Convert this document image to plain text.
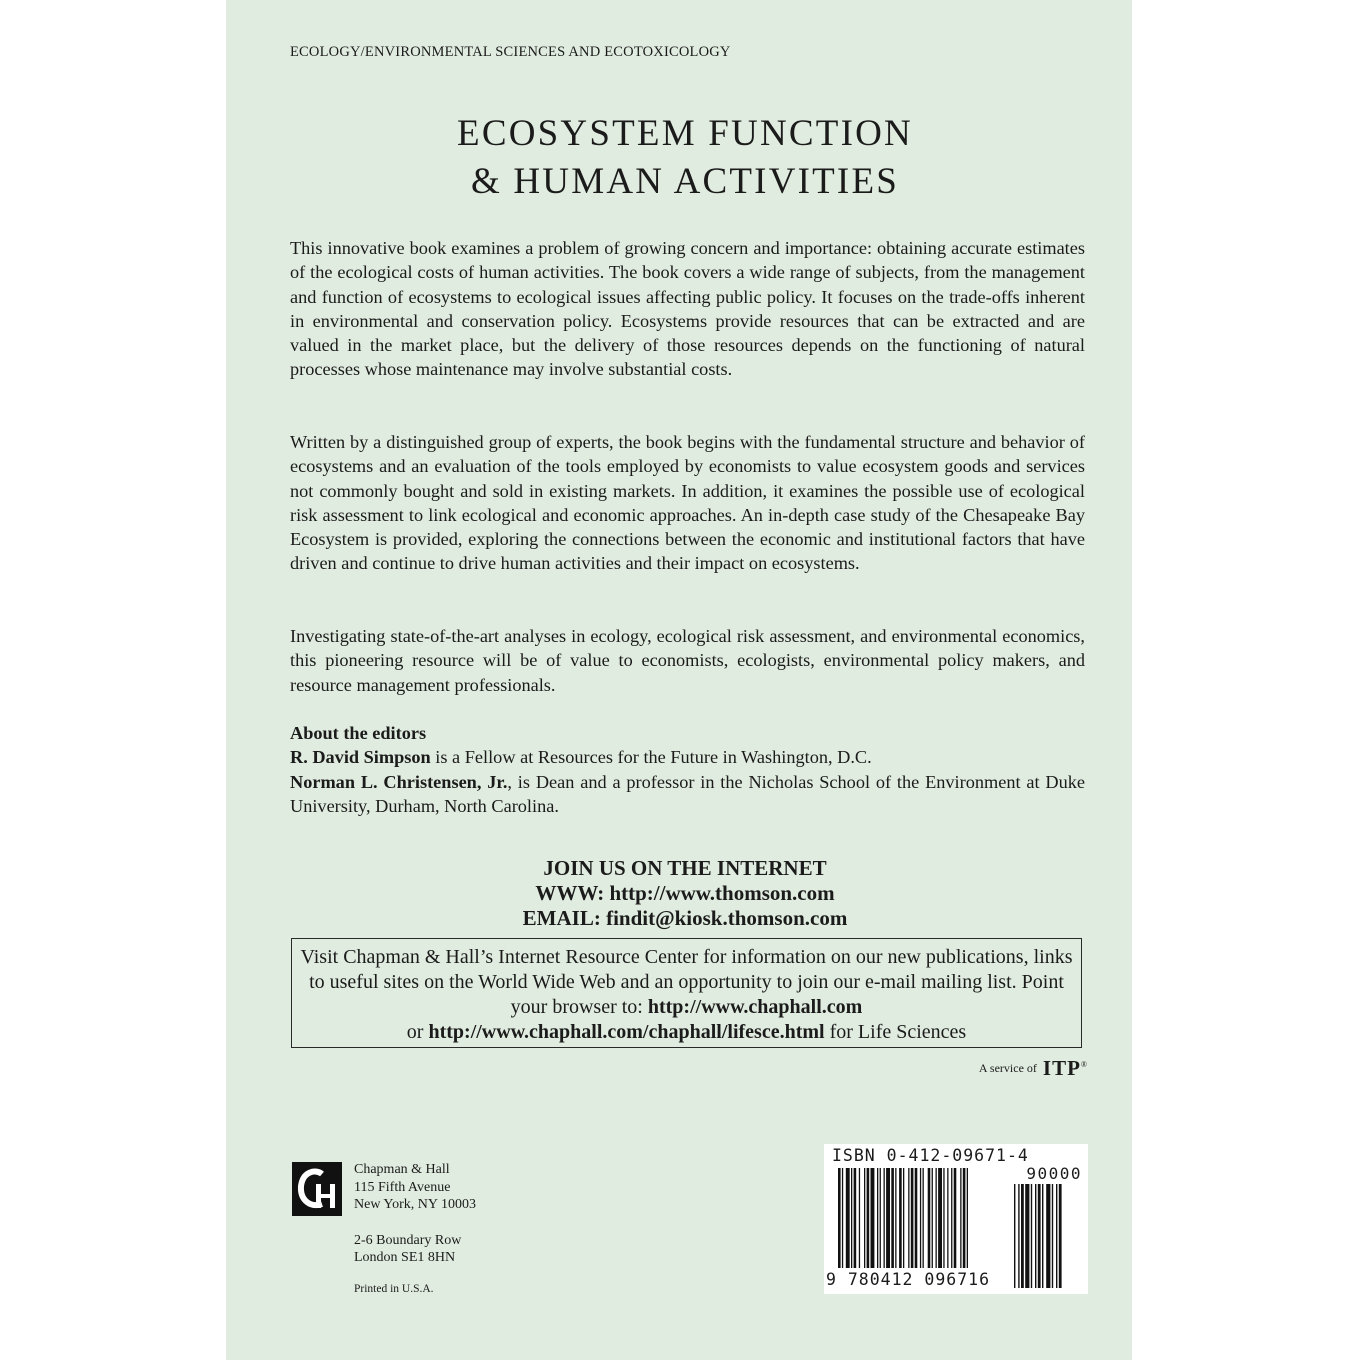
ECOLOGY/ENVIRONMENTAL SCIENCES AND ECOTOXICOLOGY
ECOSYSTEM FUNCTION
& HUMAN ACTIVITIES

This innovative book examines a problem of growing concern and importance: obtaining accurate estimates of the ecological costs of human activities. The book covers a wide range of subjects, from the management and function of ecosystems to ecological issues affecting public policy. It focuses on the trade-offs inherent in environmental and conservation policy. Ecosystems provide resources that can be extracted and are valued in the market place, but the delivery of those resources depends on the functioning of natural processes whose maintenance may involve substantial costs.

Written by a distinguished group of experts, the book begins with the fundamental structure and behavior of ecosystems and an evaluation of the tools employed by economists to value ecosystem goods and services not commonly bought and sold in existing markets. In addition, it examines the possible use of ecological risk assessment to link ecological and economic approaches. An in-depth case study of the Chesapeake Bay Ecosystem is provided, exploring the connections between the economic and institutional factors that have driven and continue to drive human activities and their impact on ecosystems.

Investigating state-of-the-art analyses in ecology, ecological risk assessment, and environmental economics, this pioneering resource will be of value to economists, ecologists, environmental policy makers, and resource management professionals.

About the editors
R. David Simpson is a Fellow at Resources for the Future in Washington, D.C.
Norman L. Christensen, Jr., is Dean and a professor in the Nicholas School of the Environment at Duke University, Durham, North Carolina.
JOIN US ON THE INTERNET
WWW: http://www.thomson.com
EMAIL: findit@kiosk.thomson.com
Visit Chapman & Hall’s Internet Resource Center for information on our new publications, links to useful sites on the World Wide Web and an opportunity to join our e-mail mailing list. Point your browser to: http://www.chaphall.com
or http://www.chaphall.com/chaphall/lifesce.html for Life Sciences
A service of ITP®
Chapman & Hall
115 Fifth Avenue
New York, NY 10003
2-6 Boundary Row
London SE1 8HN
Printed in U.S.A.
ISBN 0-412-09671-4
90000
9 780412 096716
